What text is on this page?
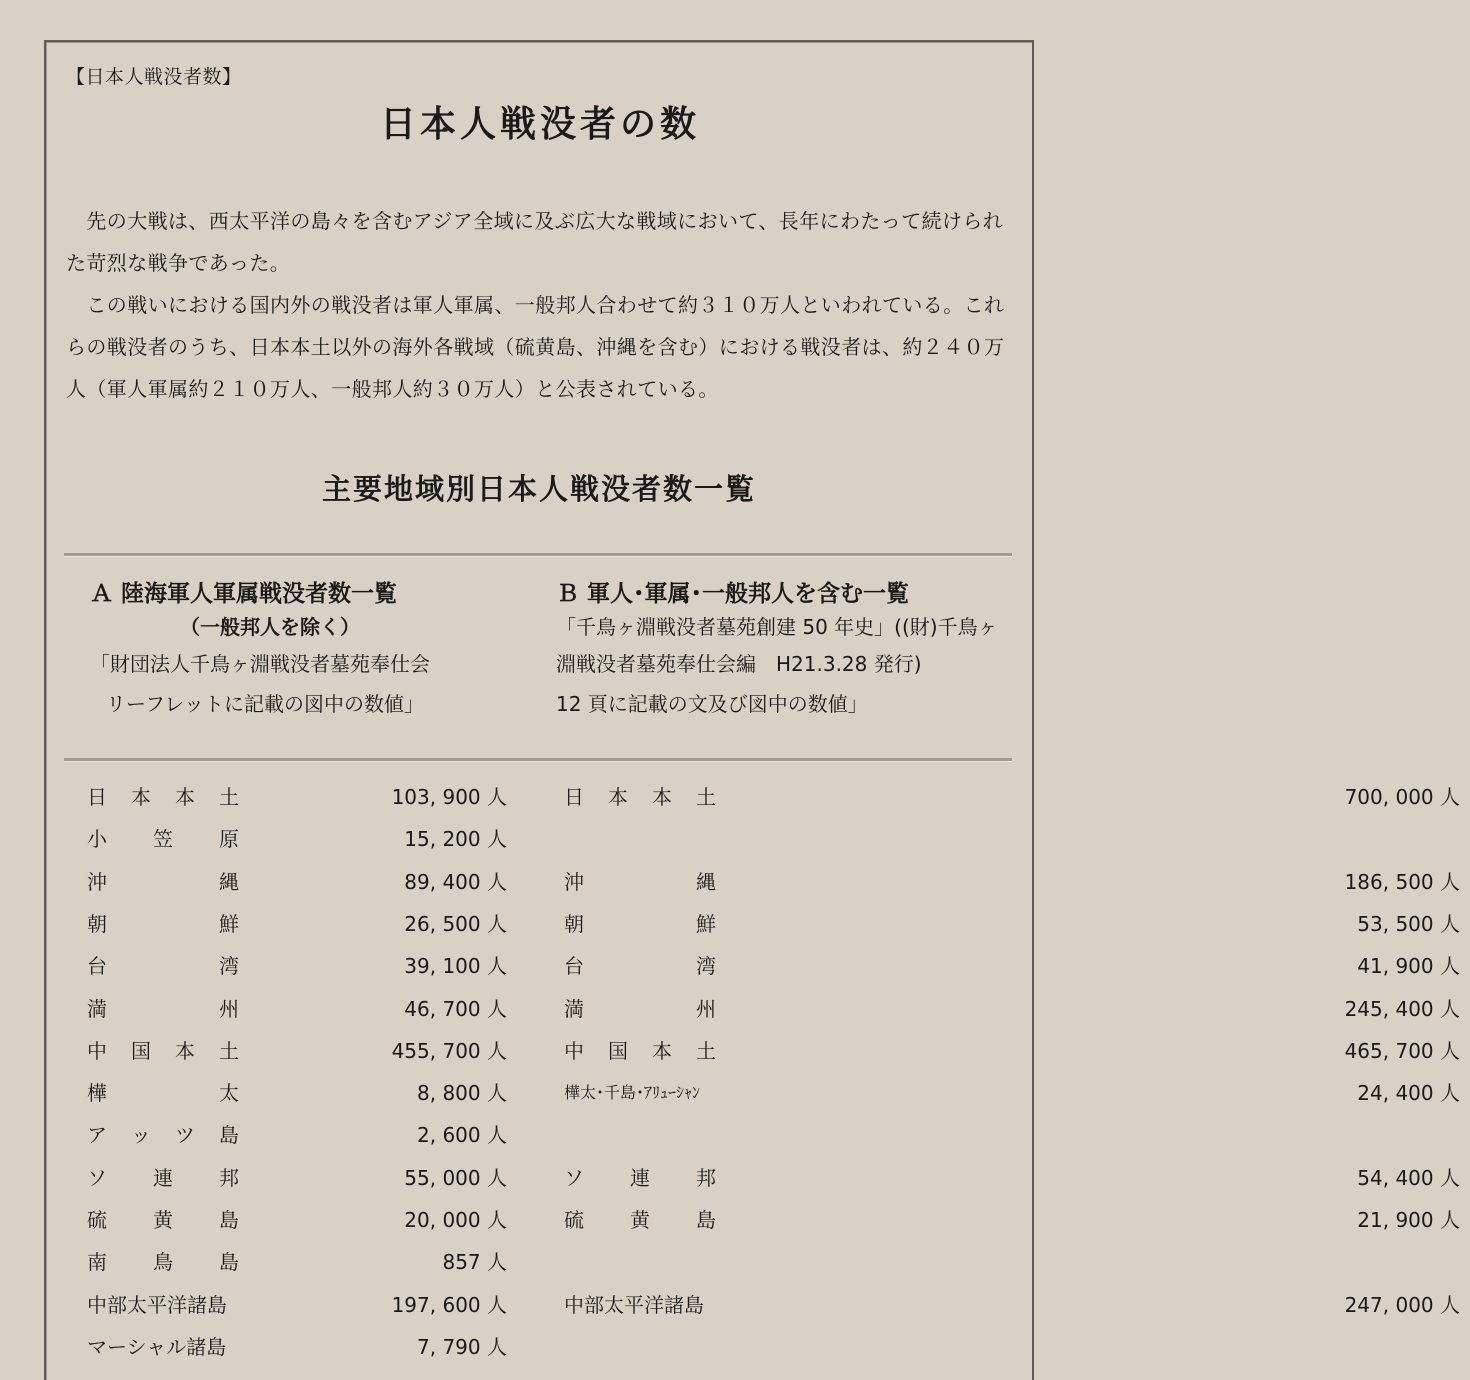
【日本人戦没者数】
日本人戦没者の数

　先の大戦は、西太平洋の島々を含むアジア全域に及ぶ広大な戦域において、長年にわたって続けられた苛烈な戦争であった。

　この戦いにおける国内外の戦没者は軍人軍属、一般邦人合わせて約３１０万人といわれている。これらの戦没者のうち、日本本土以外の海外各戦域（硫黄島、沖縄を含む）における戦没者は、約２４０万人（軍人軍属約２１０万人、一般邦人約３０万人）と公表されている。

主要地域別日本人戦没者数一覧
Ａ 陸海軍人軍属戦没者数一覧
（一般邦人を除く）
「財団法人千鳥ヶ淵戦没者墓苑奉仕会
リーフレットに記載の図中の数値」
Ｂ 軍人･軍属･一般邦人を含む一覧
「千鳥ヶ淵戦没者墓苑創建 50 年史」((財)千鳥ヶ
淵戦没者墓苑奉仕会編　H21.3.28 発行)
12 頁に記載の文及び図中の数値」
日 本 本 土	103, 900 人
小 笠 原	15, 200 人
沖	縄	89, 400 人
朝	鮮	26, 500 人
台	湾	39, 100 人
満	州	46, 700 人
中 国 本 土	455, 700 人
樺	太	8, 800 人
ア ッ ツ 島	2, 600 人
ソ 連 邦	55, 000 人
硫 黄 島	20, 000 人
南 鳥 島	857 人
中部太平洋諸島	197, 600 人
マーシャル諸島	7, 790 人
日 本 本 土	700, 000 人
沖	縄	186, 500 人
朝	鮮	53, 500 人
台	湾	41, 900 人
満	州	245, 400 人
中 国 本 土	465, 700 人
樺太･千島･ｱﾘｭｰｼｬﾝ	24, 400 人
ソ 連 邦	54, 400 人
硫 黄 島	21, 900 人
中部太平洋諸島	247, 000 人
